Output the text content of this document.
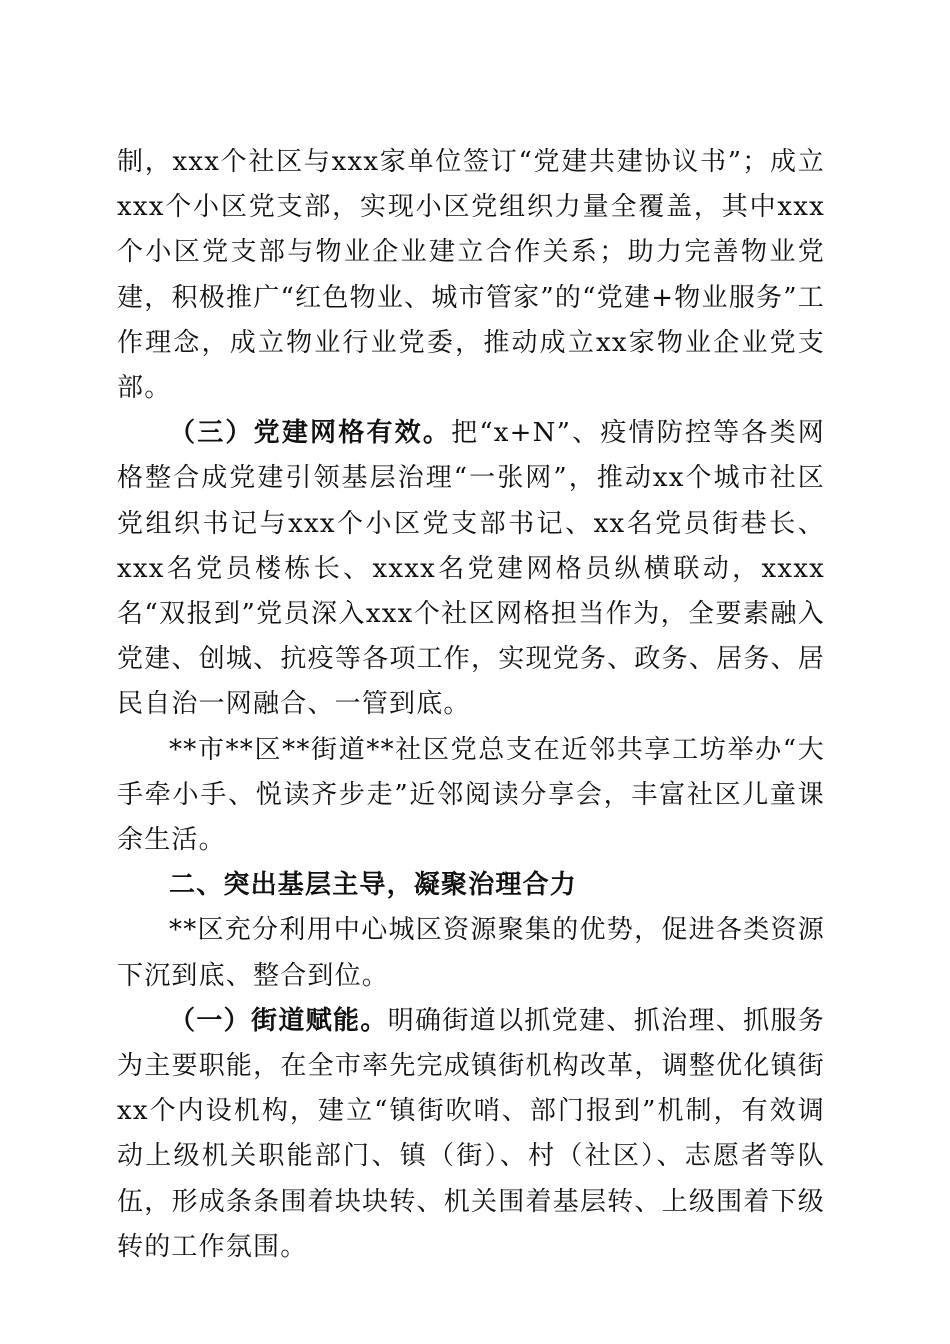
制，xxx个社区与xxx家单位签订“党建共建协议书”；成立xxx个小区党支部，实现小区党组织力量全覆盖，其中xxx个小区党支部与物业企业建立合作关系；助力完善物业党建，积极推广“红色物业、城市管家”的“党建+物业服务”工作理念，成立物业行业党委，推动成立xx家物业企业党支部。

（三）党建网格有效。把“x+N”、疫情防控等各类网格整合成党建引领基层治理“一张网”，推动xx个城市社区党组织书记与xxx个小区党支部书记、xx名党员街巷长、xxx名党员楼栋长、xxxx名党建网格员纵横联动，xxxx名“双报到”党员深入xxx个社区网格担当作为，全要素融入党建、创城、抗疫等各项工作，实现党务、政务、居务、居民自治一网融合、一管到底。

**市**区**街道**社区党总支在近邻共享工坊举办“大手牵小手、悦读齐步走”近邻阅读分享会，丰富社区儿童课余生活。

二、突出基层主导，凝聚治理合力

**区充分利用中心城区资源聚集的优势，促进各类资源下沉到底、整合到位。

（一）街道赋能。明确街道以抓党建、抓治理、抓服务为主要职能，在全市率先完成镇街机构改革，调整优化镇街xx个内设机构，建立“镇街吹哨、部门报到”机制，有效调动上级机关职能部门、镇（街）、村（社区）、志愿者等队伍，形成条条围着块块转、机关围着基层转、上级围着下级转的工作氛围。
